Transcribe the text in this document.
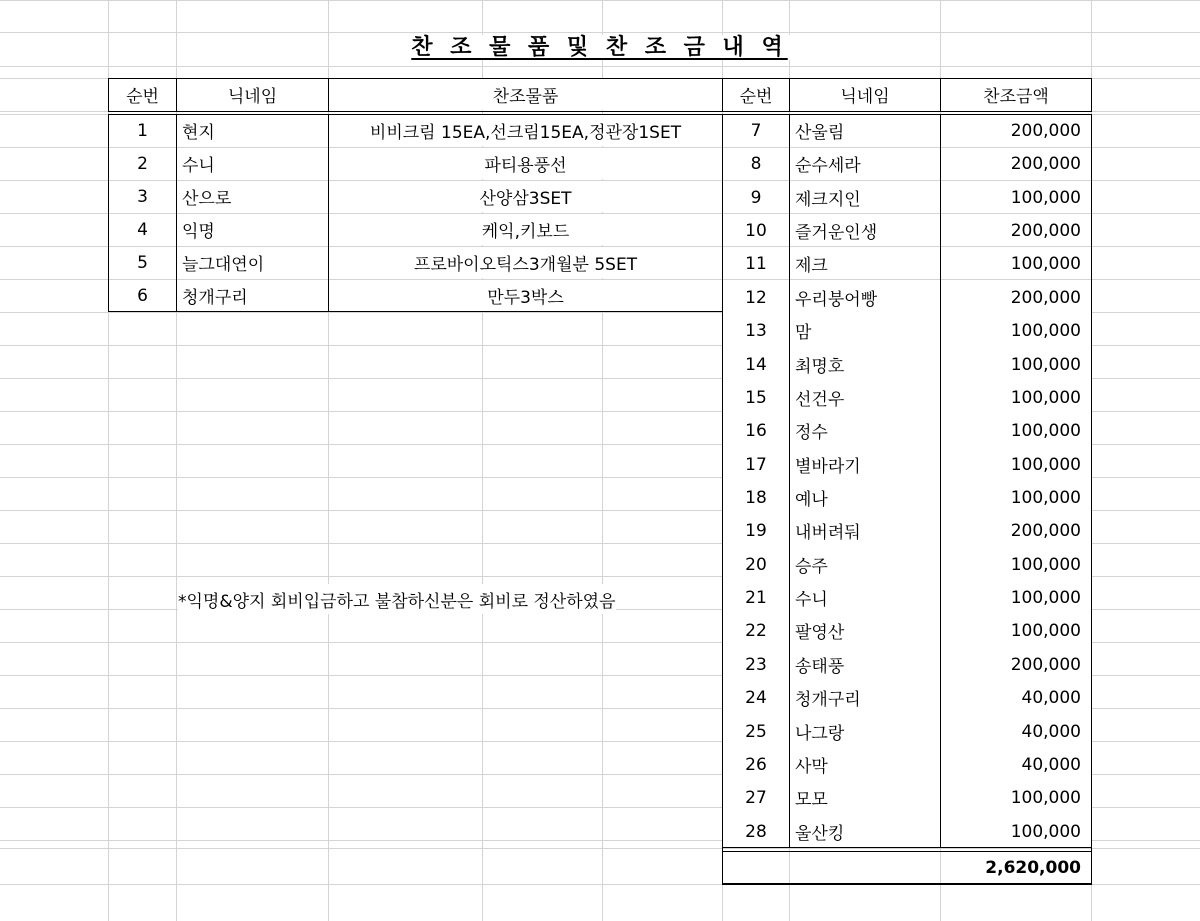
찬 조 물 품 및 찬 조 금 내 역
순번	닉네임	찬조물품
1	현지	비비크림 15EA,선크림15EA,정관장1SET
2	수니	파티용풍선
3	산으로	산양삼3SET
4	익명	케익,키보드
5	늘그대연이	프로바이오틱스3개월분 5SET
6	청개구리	만두3박스
순번	닉네임	찬조금액
7	산울림	200,000
8	순수세라	200,000
9	제크지인	100,000
10	즐거운인생	200,000
11	제크	100,000
12	우리붕어빵	200,000
13	맘	100,000
14	최명호	100,000
15	선건우	100,000
16	정수	100,000
17	별바라기	100,000
18	예나	100,000
19	내버려둬	200,000
20	승주	100,000
21	수니	100,000
22	팔영산	100,000
23	송태풍	200,000
24	청개구리	40,000
25	나그랑	40,000
26	사막	40,000
27	모모	100,000
28	울산킹	100,000
2,620,000
*익명&양지 회비입금하고 불참하신분은 회비로 정산하였음
